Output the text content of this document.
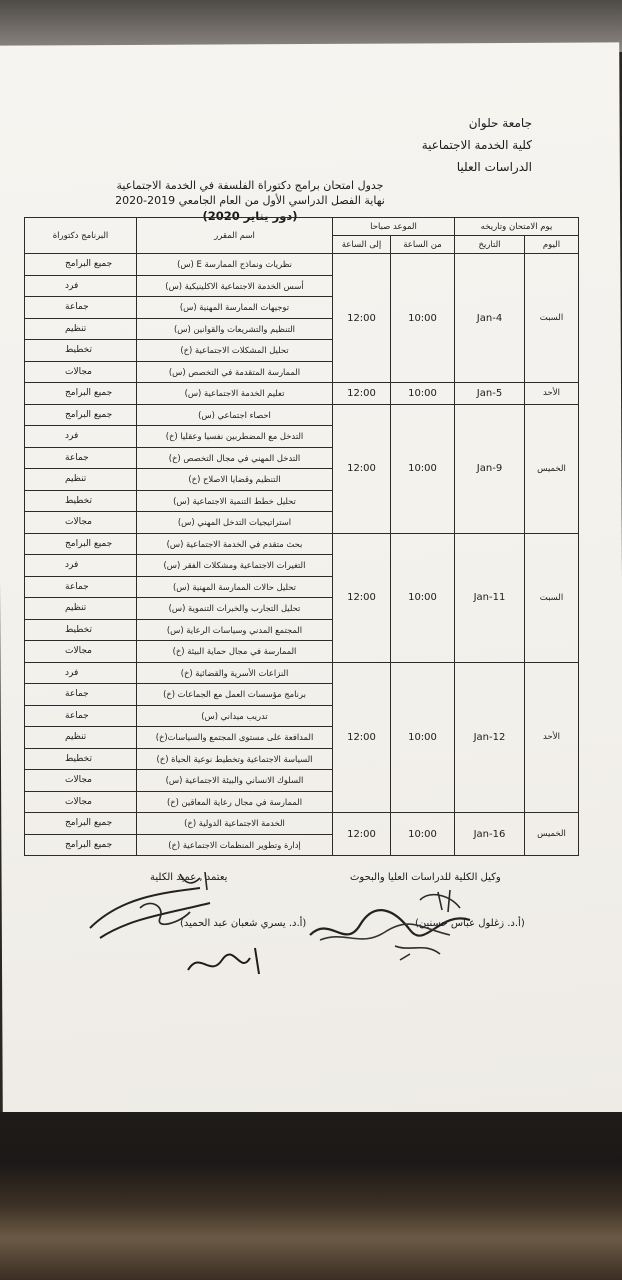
جامعة حلوان
كلية الخدمة الاجتماعية
الدراسات العليا
جدول امتحان برامج دكتوراة الفلسفة في الخدمة الاجتماعية
نهاية الفصل الدراسي الأول من العام الجامعي 2019-2020
(دور يناير 2020)
يوم الامتحان وتاريخه		الموعد صباحا		اسم المقرر	البرنامج دكتوراة
اليوم	التاريخ	من الساعة	إلى الساعة		
السبت	4-Jan	10:00	12:00	نظريات ونماذج الممارسة E (س)	جميع البرامج
				أسس الخدمة الاجتماعية الاكلينيكية (س)	فرد
				توجيهات الممارسة المهنية (س)	جماعة
				التنظيم والتشريعات والقوانين (س)	تنظيم
				تحليل المشكلات الاجتماعية (خ)	تخطيط
				الممارسة المتقدمة في التخصص (س)	مجالات
الأحد	5-Jan	10:00	12:00	تعليم الخدمة الاجتماعية (س)	جميع البرامج
الخميس	9-Jan	10:00	12:00	احصاء اجتماعي (س)	جميع البرامج
				التدخل مع المضطربين نفسيا وعقليا (خ)	فرد
				التدخل المهني في مجال التخصص (خ)	جماعة
				التنظيم وقضايا الاصلاح (خ)	تنظيم
				تحليل خطط التنمية الاجتماعية (س)	تخطيط
				استراتيجيات التدخل المهني (س)	مجالات
السبت	11-Jan	10:00	12:00	بحث متقدم في الخدمة الاجتماعية (س)	جميع البرامج
				التغيرات الاجتماعية ومشكلات الفقر (س)	فرد
				تحليل حالات الممارسة المهنية (س)	جماعة
				تحليل التجارب والخبرات التنموية (س)	تنظيم
				المجتمع المدني وسياسات الرعاية (س)	تخطيط
				الممارسة في مجال حماية البيئة (خ)	مجالات
الأحد	12-Jan	10:00	12:00	النزاعات الأسرية والقضائية (خ)	فرد
				برنامج مؤسسات العمل مع الجماعات (خ)	جماعة
				تدريب ميداني (س)	جماعة
				المدافعة على مستوى المجتمع والسياسات(خ)	تنظيم
				السياسة الاجتماعية وتخطيط نوعية الحياة (خ)	تخطيط
				السلوك الانساني والبيئة الاجتماعية (س)	مجالات
				الممارسة في مجال رعاية المعاقين (خ)	مجالات
الخميس	16-Jan	10:00	12:00	الخدمة الاجتماعية الدولية (خ)	جميع البرامج
				إدارة وتطوير المنظمات الاجتماعية (خ)	جميع البرامج
وكيل الكلية للدراسات العليا والبحوث
يعتمد , عميد الكلية
(أ.د. زغلول عباس حسنين)
(أ.د. يسري شعبان عبد الحميد)
